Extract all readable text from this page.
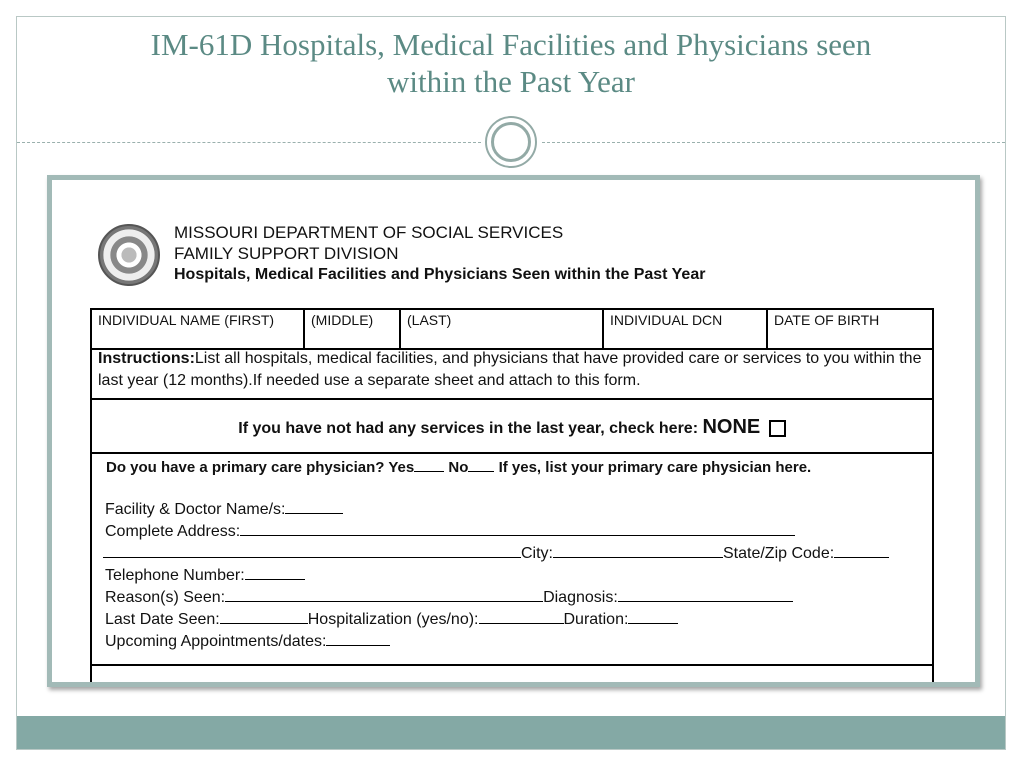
IM-61D Hospitals, Medical Facilities and Physicians seen
within the Past Year
MISSOURI DEPARTMENT OF SOCIAL SERVICES
FAMILY SUPPORT DIVISION
Hospitals, Medical Facilities and Physicians Seen within the Past Year
INDIVIDUAL NAME (FIRST)	(MIDDLE)	(LAST)	INDIVIDUAL DCN	DATE OF BIRTH
Instructions:List all hospitals, medical facilities, and physicians that have provided care or services to you within the last year (12 months).If needed use a separate sheet and attach to this form.
If you have not had any services in the last year, check here: NONE
Do you have a primary care physician? Yes No If yes, list your primary care physician here.
Facility & Doctor Name/s:
Complete Address:
City:	State/Zip Code:
Telephone Number:
Reason(s) Seen:	Diagnosis:
Last Date Seen:	Hospitalization (yes/no):	Duration:
Upcoming Appointments/dates:
